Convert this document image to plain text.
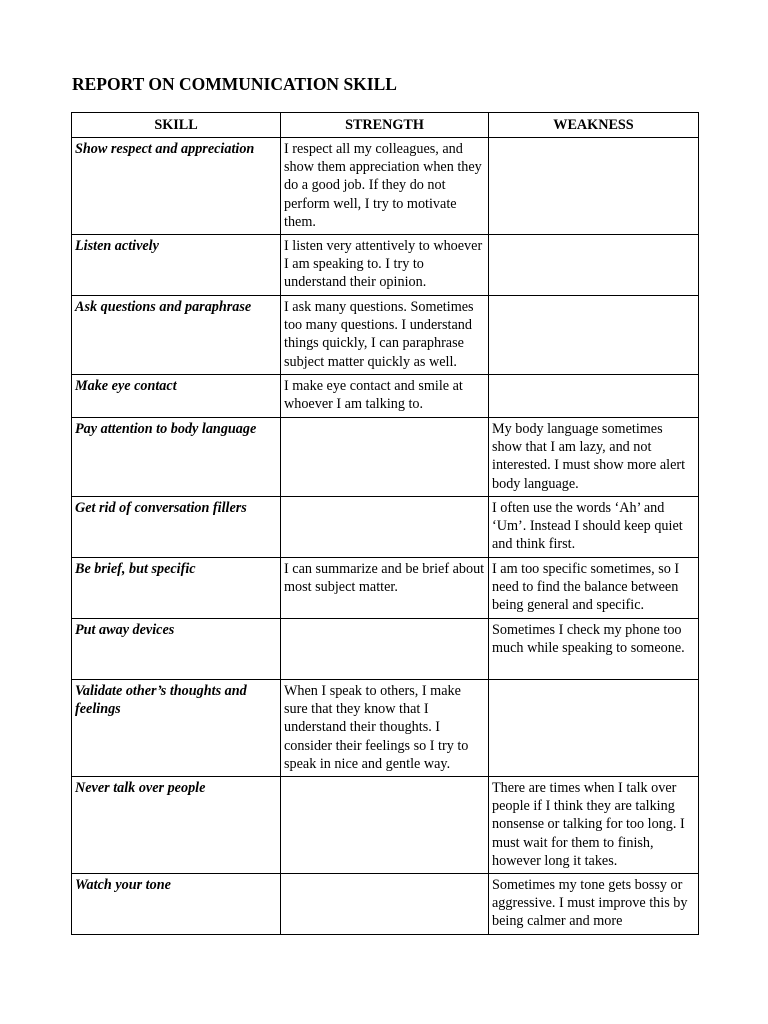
REPORT ON COMMUNICATION SKILL
SKILL	STRENGTH	WEAKNESS
Show respect and appreciation	I respect all my colleagues, and show them appreciation when they do a good job. If they do not perform well, I try to motivate them.	
Listen actively	I listen very attentively to whoever I am speaking to. I try to understand their opinion.	
Ask questions and paraphrase	I ask many questions. Sometimes too many questions. I understand things quickly, I can paraphrase subject matter quickly as well.	
Make eye contact	I make eye contact and smile at whoever I am talking to.	
Pay attention to body language		My body language sometimes show that I am lazy, and not interested. I must show more alert body language.
Get rid of conversation fillers		I often use the words ‘Ah’ and ‘Um’. Instead I should keep quiet and think first.
Be brief, but specific	I can summarize and be brief about most subject matter.	I am too specific sometimes, so I need to find the balance between being general and specific.
Put away devices		Sometimes I check my phone too much while speaking to someone.
Validate other’s thoughts and feelings	When I speak to others, I make sure that they know that I understand their thoughts. I consider their feelings so I try to speak in nice and gentle way.	
Never talk over people		There are times when I talk over people if I think they are talking nonsense or talking for too long. I must wait for them to finish, however long it takes.
Watch your tone		Sometimes my tone gets bossy or aggressive. I must improve this by being calmer and more
